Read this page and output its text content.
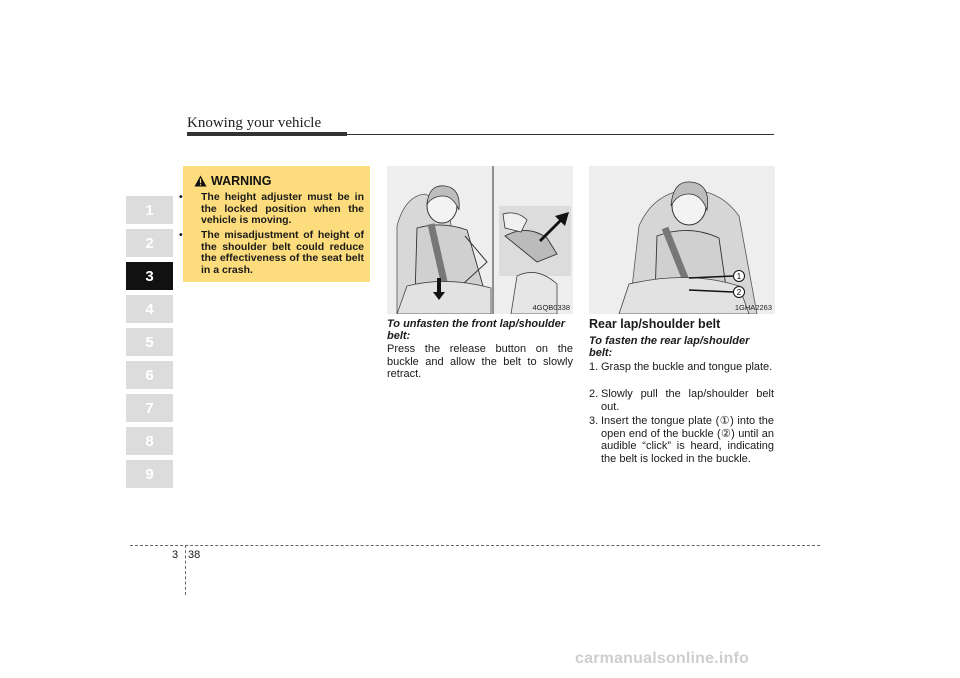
Knowing your vehicle
1
2
3
4
5
6
7
8
9
WARNING
• The height adjuster must be in the locked position when the vehicle is moving.
• The misadjustment of height of the shoulder belt could reduce the effectiveness of the seat belt in a crash.
4GQB0338
1
2
1GHA2263
To unfasten the front lap/shoulder belt:
Press the release button on the buckle and allow the belt to slowly retract.
Rear lap/shoulder belt
To fasten the rear lap/shoulder belt:
1. Grasp the buckle and tongue plate.
2. Slowly pull the lap/shoulder belt out.
3. Insert the tongue plate (①) into the open end of the buckle (②) until an audible “click” is heard, indicating the belt is locked in the buckle.
3 38
carmanualsonline.info
